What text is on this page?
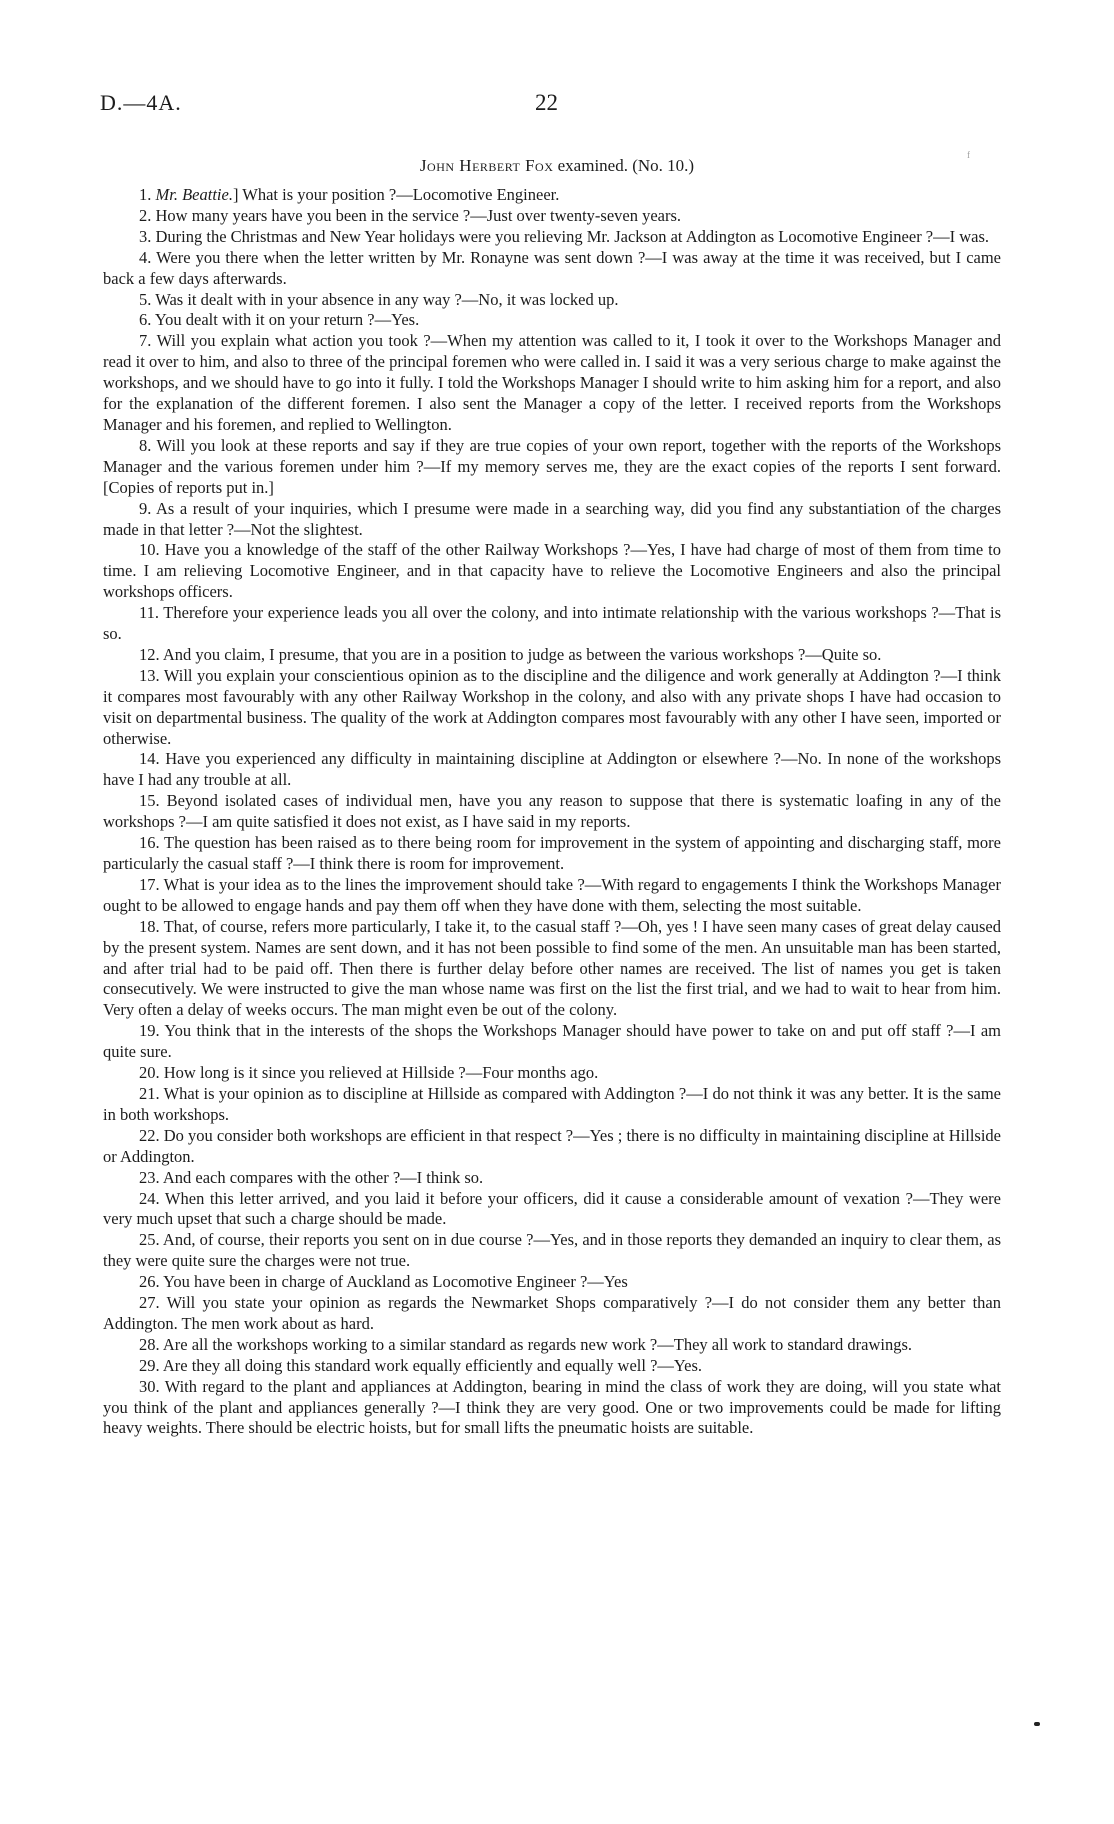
D.—4A.	22
f
John Herbert Fox examined. (No. 10.)

1. Mr. Beattie.] What is your position ?—Locomotive Engineer.

2. How many years have you been in the service ?—Just over twenty-seven years.

3. During the Christmas and New Year holidays were you relieving Mr. Jackson at Addington as Locomotive Engineer ?—I was.

4. Were you there when the letter written by Mr. Ronayne was sent down ?—I was away at the time it was received, but I came back a few days afterwards.

5. Was it dealt with in your absence in any way ?—No, it was locked up.

6. You dealt with it on your return ?—Yes.

7. Will you explain what action you took ?—When my attention was called to it, I took it over to the Workshops Manager and read it over to him, and also to three of the principal foremen who were called in. I said it was a very serious charge to make against the workshops, and we should have to go into it fully. I told the Workshops Manager I should write to him asking him for a report, and also for the explanation of the different foremen. I also sent the Manager a copy of the letter. I received reports from the Workshops Manager and his foremen, and replied to Wellington.

8. Will you look at these reports and say if they are true copies of your own report, together with the reports of the Workshops Manager and the various foremen under him ?—If my memory serves me, they are the exact copies of the reports I sent forward. [Copies of reports put in.]

9. As a result of your inquiries, which I presume were made in a searching way, did you find any substantiation of the charges made in that letter ?—Not the slightest.

10. Have you a knowledge of the staff of the other Railway Workshops ?—Yes, I have had charge of most of them from time to time. I am relieving Locomotive Engineer, and in that capacity have to relieve the Locomotive Engineers and also the principal workshops officers.

11. Therefore your experience leads you all over the colony, and into intimate relationship with the various workshops ?—That is so.

12. And you claim, I presume, that you are in a position to judge as between the various workshops ?—Quite so.

13. Will you explain your conscientious opinion as to the discipline and the diligence and work generally at Addington ?—I think it compares most favourably with any other Railway Workshop in the colony, and also with any private shops I have had occasion to visit on departmental business. The quality of the work at Addington compares most favourably with any other I have seen, imported or otherwise.

14. Have you experienced any difficulty in maintaining discipline at Addington or elsewhere ?—No. In none of the workshops have I had any trouble at all.

15. Beyond isolated cases of individual men, have you any reason to suppose that there is systematic loafing in any of the workshops ?—I am quite satisfied it does not exist, as I have said in my reports.

16. The question has been raised as to there being room for improvement in the system of appointing and discharging staff, more particularly the casual staff ?—I think there is room for improvement.

17. What is your idea as to the lines the improvement should take ?—With regard to engagements I think the Workshops Manager ought to be allowed to engage hands and pay them off when they have done with them, selecting the most suitable.

18. That, of course, refers more particularly, I take it, to the casual staff ?—Oh, yes ! I have seen many cases of great delay caused by the present system. Names are sent down, and it has not been possible to find some of the men. An unsuitable man has been started, and after trial had to be paid off. Then there is further delay before other names are received. The list of names you get is taken consecutively. We were instructed to give the man whose name was first on the list the first trial, and we had to wait to hear from him. Very often a delay of weeks occurs. The man might even be out of the colony.

19. You think that in the interests of the shops the Workshops Manager should have power to take on and put off staff ?—I am quite sure.

20. How long is it since you relieved at Hillside ?—Four months ago.

21. What is your opinion as to discipline at Hillside as compared with Addington ?—I do not think it was any better. It is the same in both workshops.

22. Do you consider both workshops are efficient in that respect ?—Yes ; there is no difficulty in maintaining discipline at Hillside or Addington.

23. And each compares with the other ?—I think so.

24. When this letter arrived, and you laid it before your officers, did it cause a considerable amount of vexation ?—They were very much upset that such a charge should be made.

25. And, of course, their reports you sent on in due course ?—Yes, and in those reports they demanded an inquiry to clear them, as they were quite sure the charges were not true.

26. You have been in charge of Auckland as Locomotive Engineer ?—Yes

27. Will you state your opinion as regards the Newmarket Shops comparatively ?—I do not consider them any better than Addington. The men work about as hard.

28. Are all the workshops working to a similar standard as regards new work ?—They all work to standard drawings.

29. Are they all doing this standard work equally efficiently and equally well ?—Yes.

30. With regard to the plant and appliances at Addington, bearing in mind the class of work they are doing, will you state what you think of the plant and appliances generally ?—I think they are very good. One or two improvements could be made for lifting heavy weights. There should be electric hoists, but for small lifts the pneumatic hoists are suitable.
